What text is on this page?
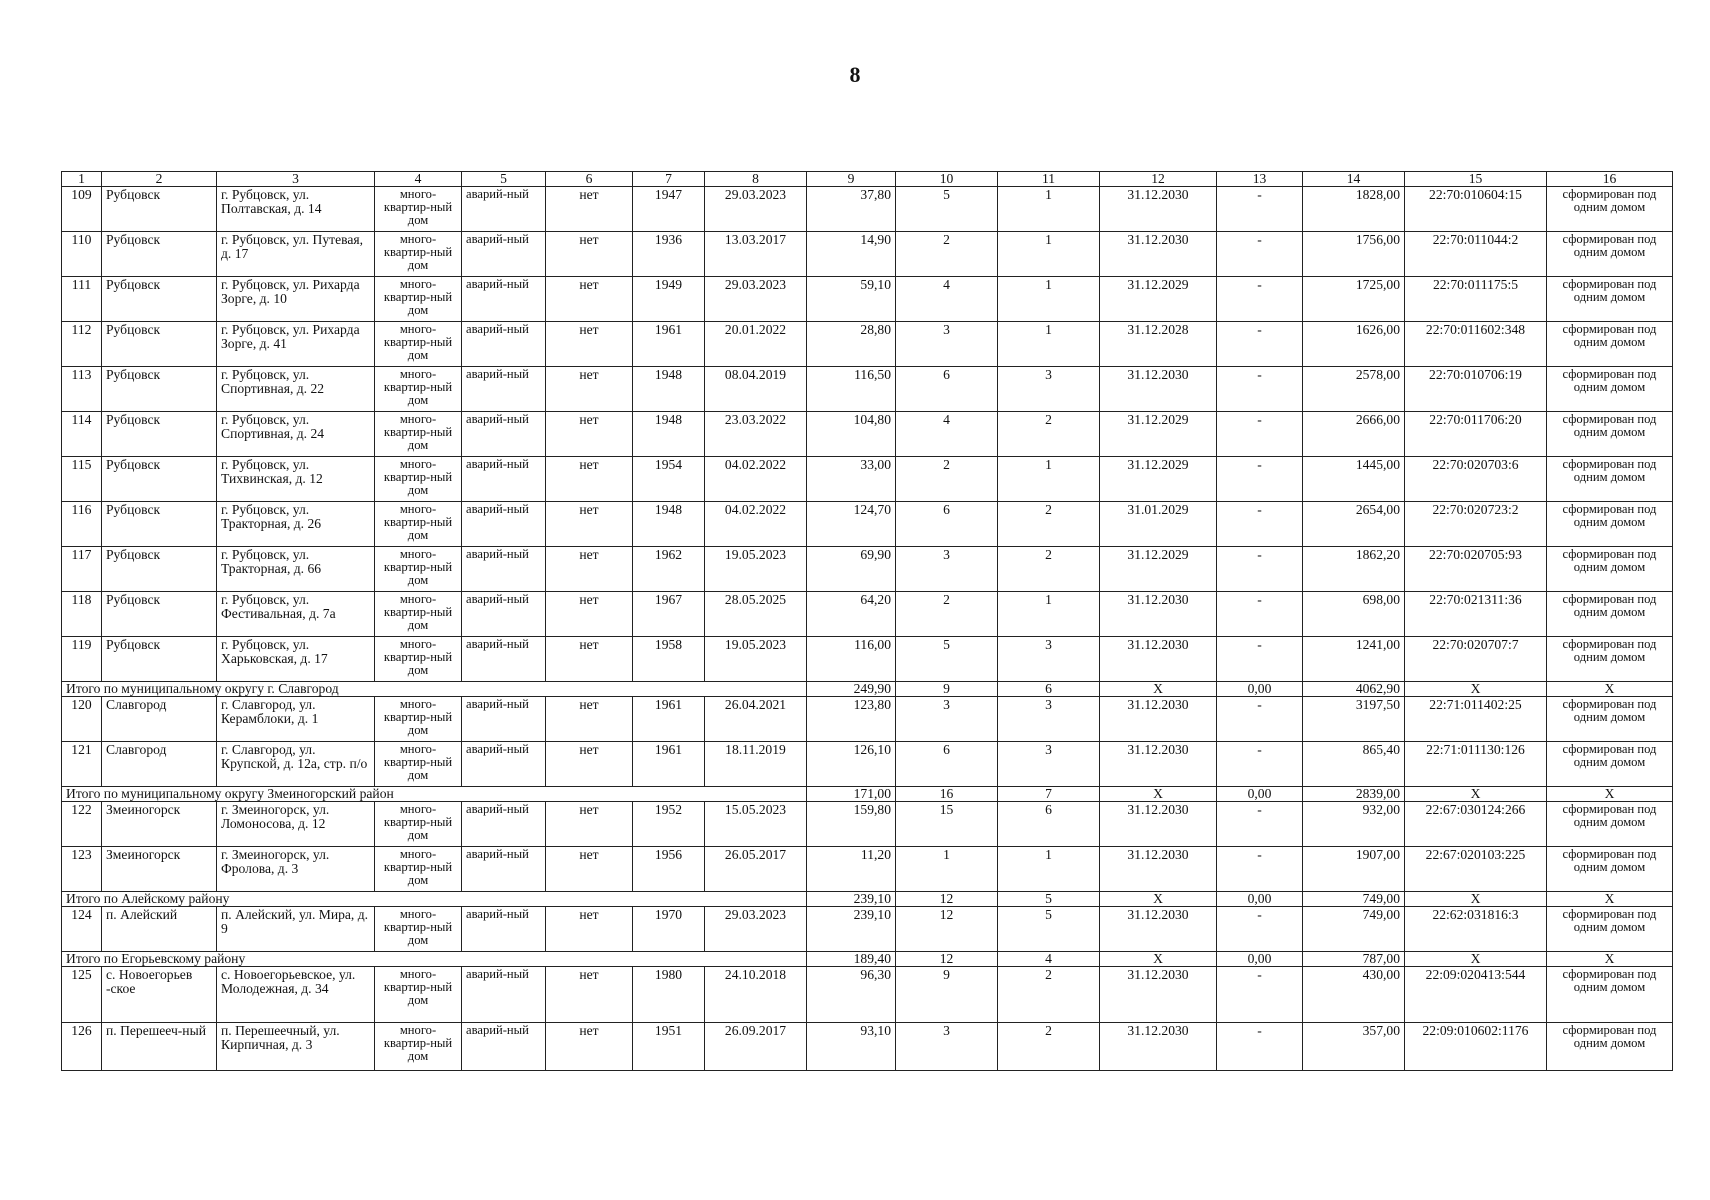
8
1	2	3	4	5	6	7	8	9	10	11	12	13	14	15	16
109	Рубцовск	г. Рубцовск, ул. Полтавская, д. 14	много-квартир-ный дом	аварий-ный	нет	1947	29.03.2023	37,80	5	1	31.12.2030	-	1828,00	22:70:010604:15	сформирован под одним домом
110	Рубцовск	г. Рубцовск, ул. Путевая, д. 17	много-квартир-ный дом	аварий-ный	нет	1936	13.03.2017	14,90	2	1	31.12.2030	-	1756,00	22:70:011044:2	сформирован под одним домом
111	Рубцовск	г. Рубцовск, ул. Рихарда Зорге, д. 10	много-квартир-ный дом	аварий-ный	нет	1949	29.03.2023	59,10	4	1	31.12.2029	-	1725,00	22:70:011175:5	сформирован под одним домом
112	Рубцовск	г. Рубцовск, ул. Рихарда Зорге, д. 41	много-квартир-ный дом	аварий-ный	нет	1961	20.01.2022	28,80	3	1	31.12.2028	-	1626,00	22:70:011602:348	сформирован под одним домом
113	Рубцовск	г. Рубцовск, ул. Спортивная, д. 22	много-квартир-ный дом	аварий-ный	нет	1948	08.04.2019	116,50	6	3	31.12.2030	-	2578,00	22:70:010706:19	сформирован под одним домом
114	Рубцовск	г. Рубцовск, ул. Спортивная, д. 24	много-квартир-ный дом	аварий-ный	нет	1948	23.03.2022	104,80	4	2	31.12.2029	-	2666,00	22:70:011706:20	сформирован под одним домом
115	Рубцовск	г. Рубцовск, ул. Тихвинская, д. 12	много-квартир-ный дом	аварий-ный	нет	1954	04.02.2022	33,00	2	1	31.12.2029	-	1445,00	22:70:020703:6	сформирован под одним домом
116	Рубцовск	г. Рубцовск, ул. Тракторная, д. 26	много-квартир-ный дом	аварий-ный	нет	1948	04.02.2022	124,70	6	2	31.01.2029	-	2654,00	22:70:020723:2	сформирован под одним домом
117	Рубцовск	г. Рубцовск, ул. Тракторная, д. 66	много-квартир-ный дом	аварий-ный	нет	1962	19.05.2023	69,90	3	2	31.12.2029	-	1862,20	22:70:020705:93	сформирован под одним домом
118	Рубцовск	г. Рубцовск, ул. Фестивальная, д. 7а	много-квартир-ный дом	аварий-ный	нет	1967	28.05.2025	64,20	2	1	31.12.2030	-	698,00	22:70:021311:36	сформирован под одним домом
119	Рубцовск	г. Рубцовск, ул. Харьковская, д. 17	много-квартир-ный дом	аварий-ный	нет	1958	19.05.2023	116,00	5	3	31.12.2030	-	1241,00	22:70:020707:7	сформирован под одним домом
Итого по муниципальному округу г. Славгород								249,90	9	6	X	0,00	4062,90	X	X
120	Славгород	г. Славгород, ул. Керамблоки, д. 1	много-квартир-ный дом	аварий-ный	нет	1961	26.04.2021	123,80	3	3	31.12.2030	-	3197,50	22:71:011402:25	сформирован под одним домом
121	Славгород	г. Славгород, ул. Крупской, д. 12а, стр. п/о	много-квартир-ный дом	аварий-ный	нет	1961	18.11.2019	126,10	6	3	31.12.2030	-	865,40	22:71:011130:126	сформирован под одним домом
Итого по муниципальному округу Змеиногорский район								171,00	16	7	X	0,00	2839,00	X	X
122	Змеиногорск	г. Змеиногорск, ул. Ломоносова, д. 12	много-квартир-ный дом	аварий-ный	нет	1952	15.05.2023	159,80	15	6	31.12.2030	-	932,00	22:67:030124:266	сформирован под одним домом
123	Змеиногорск	г. Змеиногорск, ул. Фролова, д. 3	много-квартир-ный дом	аварий-ный	нет	1956	26.05.2017	11,20	1	1	31.12.2030	-	1907,00	22:67:020103:225	сформирован под одним домом
Итого по Алейскому району								239,10	12	5	X	0,00	749,00	X	X
124	п. Алейский	п. Алейский, ул. Мира, д. 9	много-квартир-ный дом	аварий-ный	нет	1970	29.03.2023	239,10	12	5	31.12.2030	-	749,00	22:62:031816:3	сформирован под одним домом
Итого по Егорьевскому району								189,40	12	4	X	0,00	787,00	X	X
125	с. Новоегорьев -ское	с. Новоегорьевское, ул. Молодежная, д. 34	много-квартир-ный дом	аварий-ный	нет	1980	24.10.2018	96,30	9	2	31.12.2030	-	430,00	22:09:020413:544	сформирован под одним домом
126	п. Перешееч-ный	п. Перешеечный, ул. Кирпичная, д. 3	много-квартир-ный дом	аварий-ный	нет	1951	26.09.2017	93,10	3	2	31.12.2030	-	357,00	22:09:010602:1176	сформирован под одним домом
